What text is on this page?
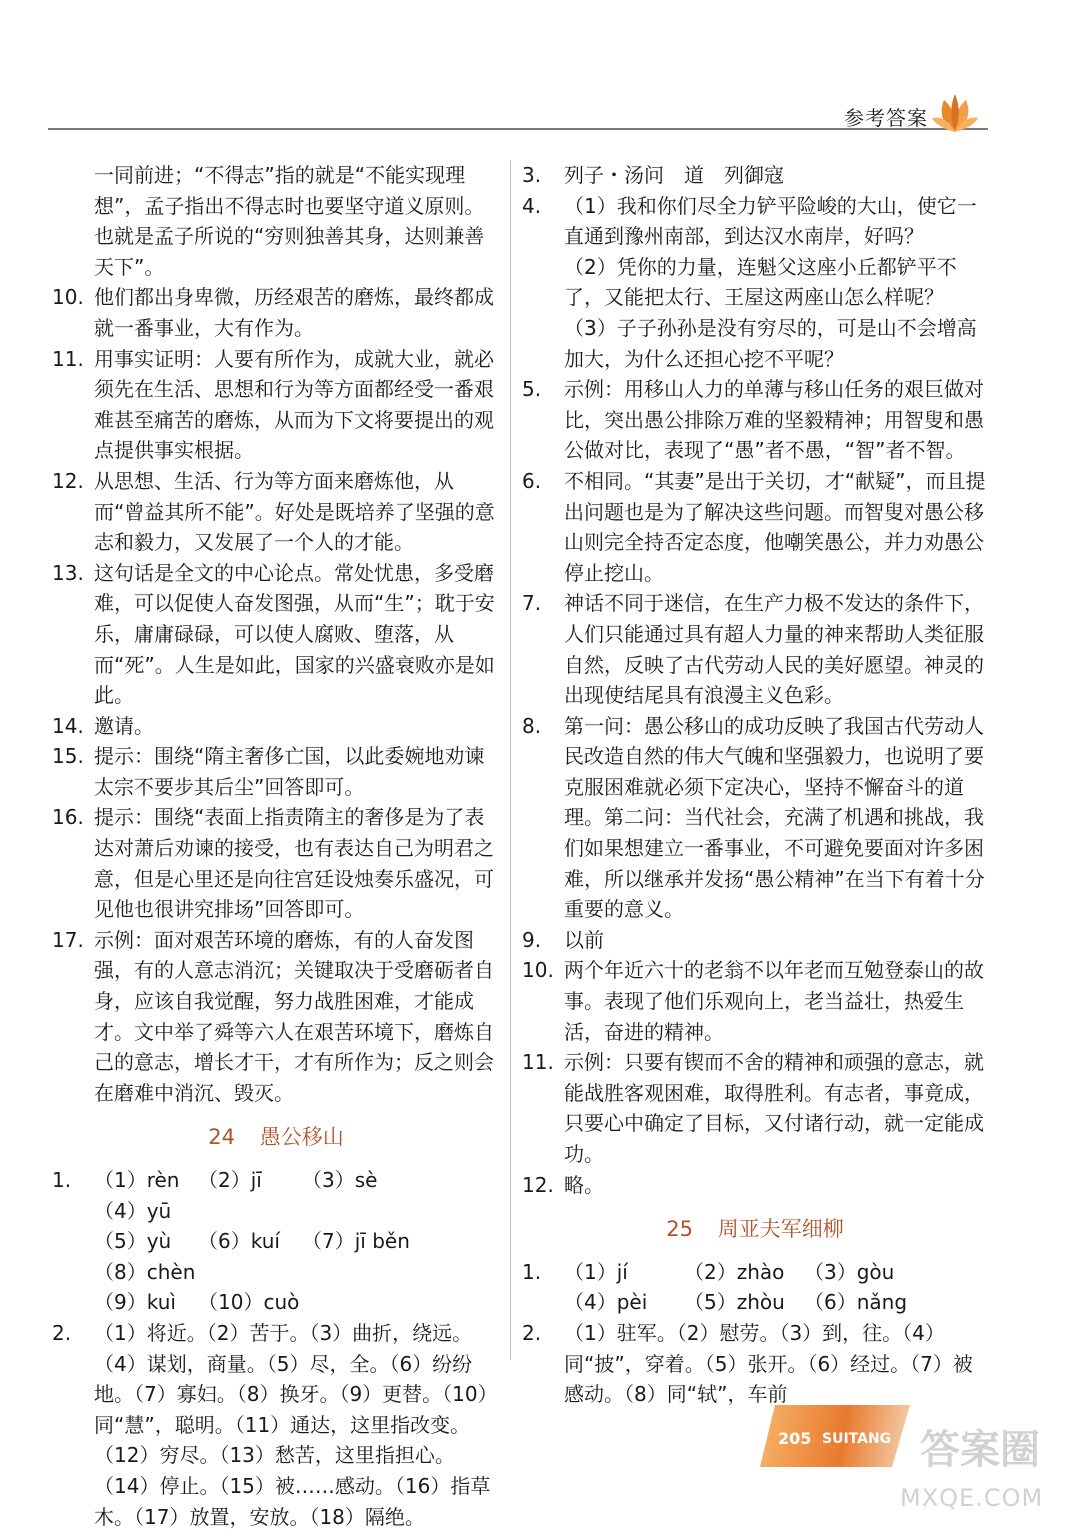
参考答案
一同前进；“不得志”指的就是“不能实现理想”，孟子指出不得志时也要坚守道义原则。也就是孟子所说的“穷则独善其身，达则兼善天下”。
10. 他们都出身卑微，历经艰苦的磨炼，最终都成就一番事业，大有作为。
11. 用事实证明：人要有所作为，成就大业，就必须先在生活、思想和行为等方面都经受一番艰难甚至痛苦的磨炼，从而为下文将要提出的观点提供事实根据。
12. 从思想、生活、行为等方面来磨炼他，从而“曾益其所不能”。好处是既培养了坚强的意志和毅力，又发展了一个人的才能。
13. 这句话是全文的中心论点。常处忧患，多受磨难，可以促使人奋发图强，从而“生”；耽于安乐，庸庸碌碌，可以使人腐败、堕落，从而“死”。人生是如此，国家的兴盛衰败亦是如此。
14. 邀请。
15. 提示：围绕“隋主奢侈亡国，以此委婉地劝谏太宗不要步其后尘”回答即可。
16. 提示：围绕“表面上指责隋主的奢侈是为了表达对萧后劝谏的接受，也有表达自己为明君之意，但是心里还是向往宫廷设烛奏乐盛况，可见他也很讲究排场”回答即可。
17. 示例：面对艰苦环境的磨炼，有的人奋发图强，有的人意志消沉；关键取决于受磨砺者自身，应该自我觉醒，努力战胜困难，才能成才。文中举了舜等六人在艰苦环境下，磨炼自己的意志，增长才干，才有所作为；反之则会在磨难中消沉、毁灭。
24 愚公移山
1. （1）rèn （2）jī （3）sè（4）yū
（5）yù （6）kuí （7）jī běn（8）chèn
（9）kuì （10）cuò
2. （1）将近。（2）苦于。（3）曲折，绕远。（4）谋划，商量。（5）尽，全。（6）纷纷地。（7）寡妇。（8）换牙。（9）更替。（10）同“慧”，聪明。（11）通达，这里指改变。（12）穷尽。（13）愁苦，这里指担心。（14）停止。（15）被……感动。（16）指草木。（17）放置，安放。（18）隔绝。
3. 列子・汤问　道　列御寇
4. （1）我和你们尽全力铲平险峻的大山，使它一直通到豫州南部，到达汉水南岸，好吗？
（2）凭你的力量，连魁父这座小丘都铲平不了，又能把太行、王屋这两座山怎么样呢？
（3）子子孙孙是没有穷尽的，可是山不会增高加大，为什么还担心挖不平呢？
5. 示例：用移山人力的单薄与移山任务的艰巨做对比，突出愚公排除万难的坚毅精神；用智叟和愚公做对比，表现了“愚”者不愚，“智”者不智。
6. 不相同。“其妻”是出于关切，才“献疑”，而且提出问题也是为了解决这些问题。而智叟对愚公移山则完全持否定态度，他嘲笑愚公，并力劝愚公停止挖山。
7. 神话不同于迷信，在生产力极不发达的条件下，人们只能通过具有超人力量的神来帮助人类征服自然，反映了古代劳动人民的美好愿望。神灵的出现使结尾具有浪漫主义色彩。
8. 第一问：愚公移山的成功反映了我国古代劳动人民改造自然的伟大气魄和坚强毅力，也说明了要克服困难就必须下定决心，坚持不懈奋斗的道理。第二问：当代社会，充满了机遇和挑战，我们如果想建立一番事业，不可避免要面对许多困难，所以继承并发扬“愚公精神”在当下有着十分重要的意义。
9. 以前
10. 两个年近六十的老翁不以年老而互勉登泰山的故事。表现了他们乐观向上，老当益壮，热爱生活，奋进的精神。
11. 示例：只要有锲而不舍的精神和顽强的意志，就能战胜客观困难，取得胜利。有志者，事竟成，只要心中确定了目标，又付诸行动，就一定能成功。
12. 略。
25 周亚夫军细柳
1. （1）jí	（2）zhào （3）gòu
（4）pèi （5）zhòu （6）nǎng
2. （1）驻军。（2）慰劳。（3）到，往。（4）同“披”，穿着。（5）张开。（6）经过。（7）被感动。（8）同“轼”，车前
205 SUITANG 答案圈
MXQE.COM
